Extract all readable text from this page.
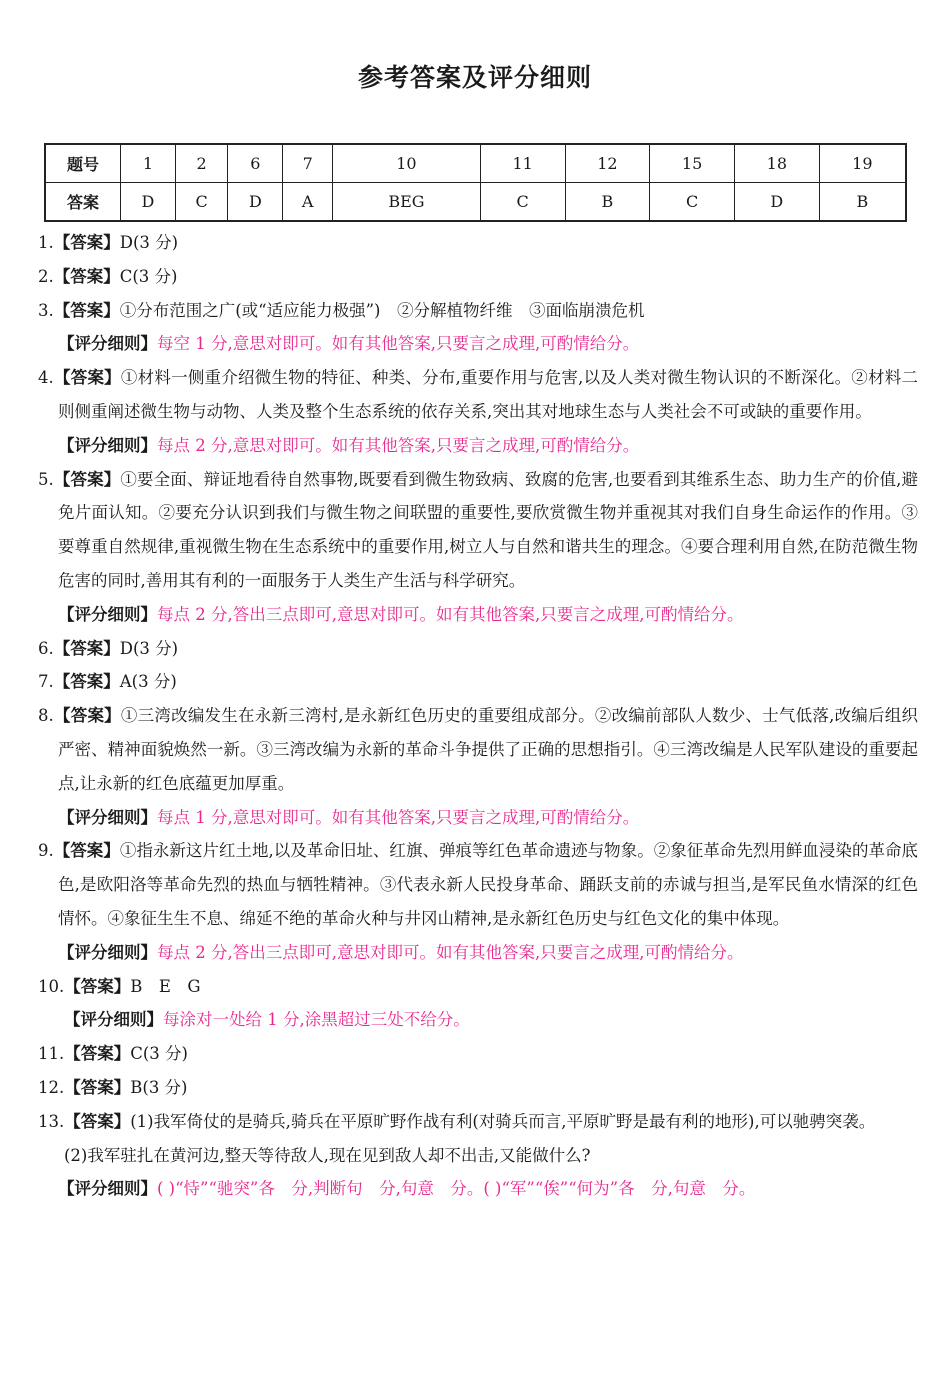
参考答案及评分细则
题号	1	2	6	7	10	11	12	15	18	19
答案	D	C	D	A	BEG	C	B	C	D	B

1.【答案】D(3 分)

2.【答案】C(3 分)

3.【答案】①分布范围之广(或“适应能力极强”)　②分解植物纤维　③面临崩溃危机

【评分细则】每空 1 分,意思对即可。如有其他答案,只要言之成理,可酌情给分。

4.【答案】①材料一侧重介绍微生物的特征、种类、分布,重要作用与危害,以及人类对微生物认识的不断深化。②材料二则侧重阐述微生物与动物、人类及整个生态系统的依存关系,突出其对地球生态与人类社会不可或缺的重要作用。

【评分细则】每点 2 分,意思对即可。如有其他答案,只要言之成理,可酌情给分。

5.【答案】①要全面、辩证地看待自然事物,既要看到微生物致病、致腐的危害,也要看到其维系生态、助力生产的价值,避免片面认知。②要充分认识到我们与微生物之间联盟的重要性,要欣赏微生物并重视其对我们自身生命运作的作用。③要尊重自然规律,重视微生物在生态系统中的重要作用,树立人与自然和谐共生的理念。④要合理利用自然,在防范微生物危害的同时,善用其有利的一面服务于人类生产生活与科学研究。

【评分细则】每点 2 分,答出三点即可,意思对即可。如有其他答案,只要言之成理,可酌情给分。

6.【答案】D(3 分)

7.【答案】A(3 分)

8.【答案】①三湾改编发生在永新三湾村,是永新红色历史的重要组成部分。②改编前部队人数少、士气低落,改编后组织严密、精神面貌焕然一新。③三湾改编为永新的革命斗争提供了正确的思想指引。④三湾改编是人民军队建设的重要起点,让永新的红色底蕴更加厚重。

【评分细则】每点 1 分,意思对即可。如有其他答案,只要言之成理,可酌情给分。

9.【答案】①指永新这片红土地,以及革命旧址、红旗、弹痕等红色革命遗迹与物象。②象征革命先烈用鲜血浸染的革命底色,是欧阳洛等革命先烈的热血与牺牲精神。③代表永新人民投身革命、踊跃支前的赤诚与担当,是军民鱼水情深的红色情怀。④象征生生不息、绵延不绝的革命火种与井冈山精神,是永新红色历史与红色文化的集中体现。

【评分细则】每点 2 分,答出三点即可,意思对即可。如有其他答案,只要言之成理,可酌情给分。

10.【答案】B　E　G

【评分细则】每涂对一处给 1 分,涂黑超过三处不给分。

11.【答案】C(3 分)

12.【答案】B(3 分)

13.【答案】(1)我军倚仗的是骑兵,骑兵在平原旷野作战有利(对骑兵而言,平原旷野是最有利的地形),可以驰骋突袭。

(2)我军驻扎在黄河边,整天等待敌人,现在见到敌人却不出击,又能做什么?

【评分细则】( )“恃”“驰突”各　分,判断句　分,句意　分。( )“军”“俟”“何为”各　分,句意　分。
